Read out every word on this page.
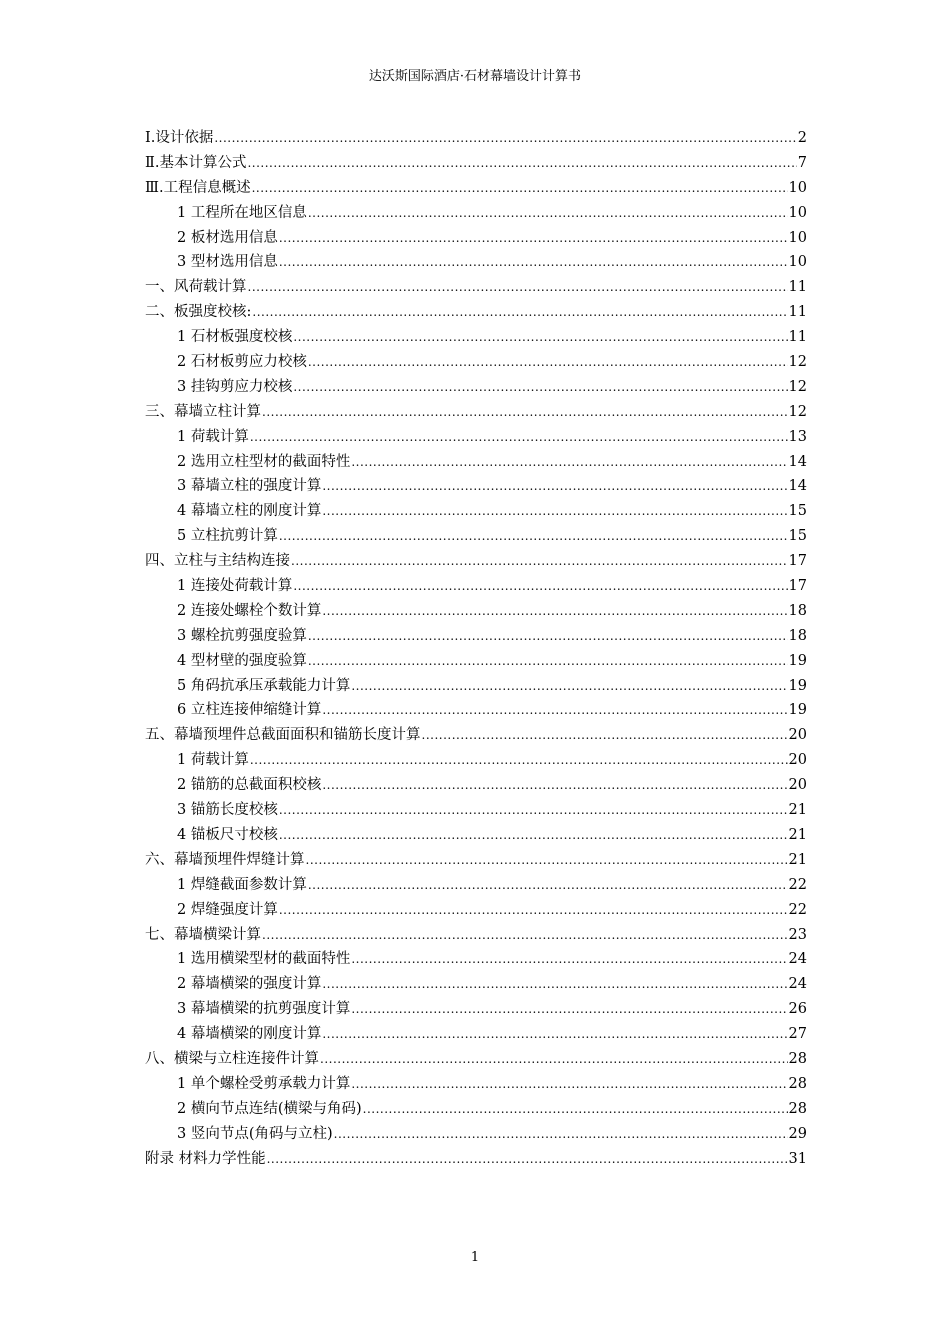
达沃斯国际酒店·石材幕墙设计计算书
Ⅰ.设计依据 .....	2
Ⅱ.基本计算公式 .....	7
Ⅲ.工程信息概述 .....	10
1 工程所在地区信息 .....	10
2 板材选用信息 .....	10
3 型材选用信息 .....	10
一、风荷载计算 .....	11
二、板强度校核: .....	11
1 石材板强度校核 .....	11
2 石材板剪应力校核 .....	12
3 挂钩剪应力校核 .....	12
三、幕墙立柱计算 .....	12
1 荷载计算 .....	13
2 选用立柱型材的截面特性 .....	14
3 幕墙立柱的强度计算 .....	14
4 幕墙立柱的刚度计算 .....	15
5 立柱抗剪计算 .....	15
四、立柱与主结构连接 .....	17
1 连接处荷载计算 .....	17
2 连接处螺栓个数计算 .....	18
3 螺栓抗剪强度验算 .....	18
4 型材壁的强度验算 .....	19
5 角码抗承压承载能力计算 .....	19
6 立柱连接伸缩缝计算 .....	19
五、幕墙预埋件总截面面积和锚筋长度计算 .....	20
1 荷载计算 .....	20
2 锚筋的总截面积校核 .....	20
3 锚筋长度校核 .....	21
4 锚板尺寸校核 .....	21
六、幕墙预埋件焊缝计算 .....	21
1 焊缝截面参数计算 .....	22
2 焊缝强度计算 .....	22
七、幕墙横梁计算 .....	23
1 选用横梁型材的截面特性 .....	24
2 幕墙横梁的强度计算 .....	24
3 幕墙横梁的抗剪强度计算 .....	26
4 幕墙横梁的刚度计算 .....	27
八、横梁与立柱连接件计算 .....	28
1 单个螺栓受剪承载力计算 .....	28
2 横向节点连结(横梁与角码) .....	28
3 竖向节点(角码与立柱) .....	29
附录 材料力学性能 .....	31
1
